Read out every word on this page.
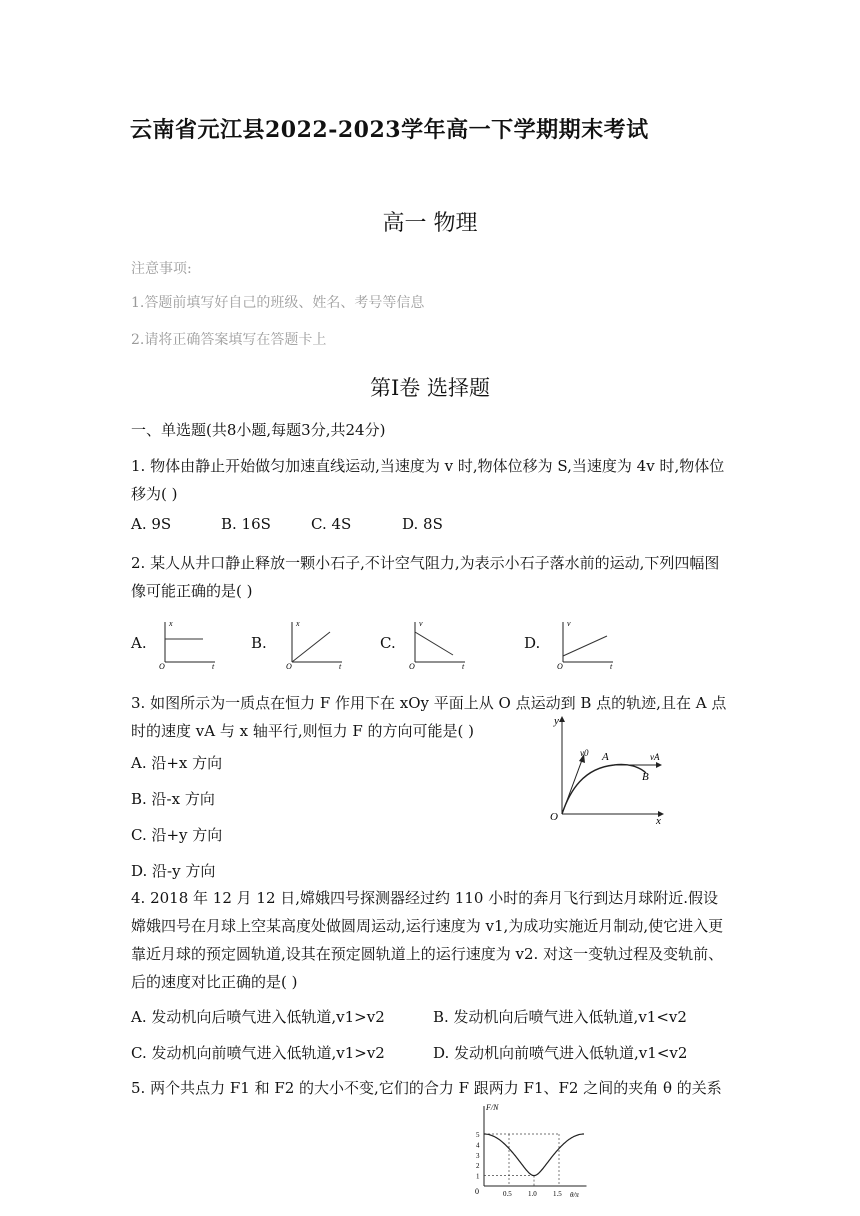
云南省元江县2022-2023学年高一下学期期末考试
高一 物理
注意事项:
1.答题前填写好自己的班级、姓名、考号等信息
2.请将正确答案填写在答题卡上
第Ⅰ卷 选择题
一、单选题(共8小题,每题3分,共24分)
1. 物体由静止开始做匀加速直线运动,当速度为 v 时,物体位移为 S,当速度为 4v 时,物体位移为( )
A. 9S	B. 16S	C. 4S	D. 8S
2. 某人从井口静止释放一颗小石子,不计空气阻力,为表示小石子落水前的运动,下列四幅图像可能正确的是( )
A.	B.	C.	D.
x
t
O
x
t
O
v
t
O
v
t
O
3. 如图所示为一质点在恒力 F 作用下在 xOy 平面上从 O 点运动到 B 点的轨迹,且在 A 点时的速度 vA 与 x 轴平行,则恒力 F 的方向可能是( )
A. 沿+x 方向
B. 沿-x 方向
C. 沿+y 方向
D. 沿-y 方向
y
x
O
v0 A	vA
B
4. 2018 年 12 月 12 日,嫦娥四号探测器经过约 110 小时的奔月飞行到达月球附近.假设嫦娥四号在月球上空某高度处做圆周运动,运行速度为 v1,为成功实施近月制动,使它进入更靠近月球的预定圆轨道,设其在预定圆轨道上的运行速度为 v2. 对这一变轨过程及变轨前、后的速度对比正确的是( )
A. 发动机向后喷气进入低轨道,v1>v2	B. 发动机向后喷气进入低轨道,v1<v2
C. 发动机向前喷气进入低轨道,v1>v2	D. 发动机向前喷气进入低轨道,v1<v2
5. 两个共点力 F1 和 F2 的大小不变,它们的合力 F 跟两力 F1、F2 之间的夹角 θ 的关系
0.5 1.0 1.5
1
2
3
4
5
F/N
θ/π
0
